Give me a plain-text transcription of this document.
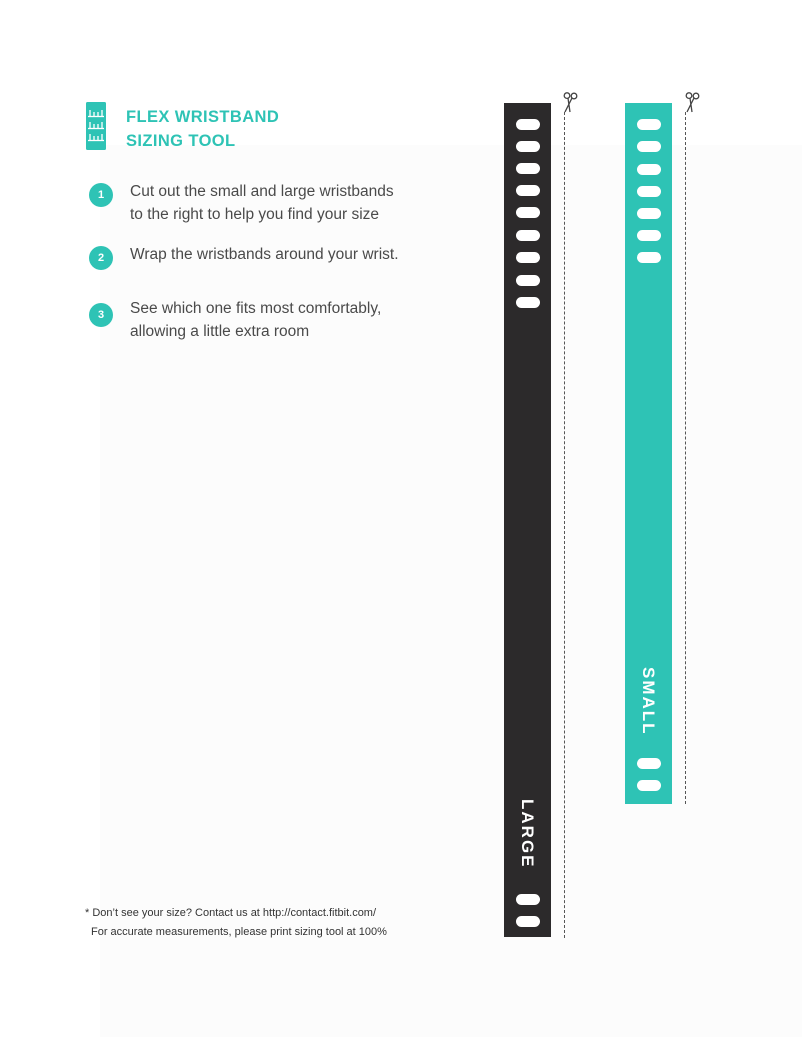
FLEX WRISTBAND
SIZING TOOL
1	Cut out the small and large wristbands
to the right to help you find your size
2	Wrap the wristbands around your wrist.
3	See which one fits most comfortably,
allowing a little extra room
* Don’t see your size? Contact us at http://contact.fitbit.com/
For accurate measurements, please print sizing tool at 100%
LARGE
SMALL
